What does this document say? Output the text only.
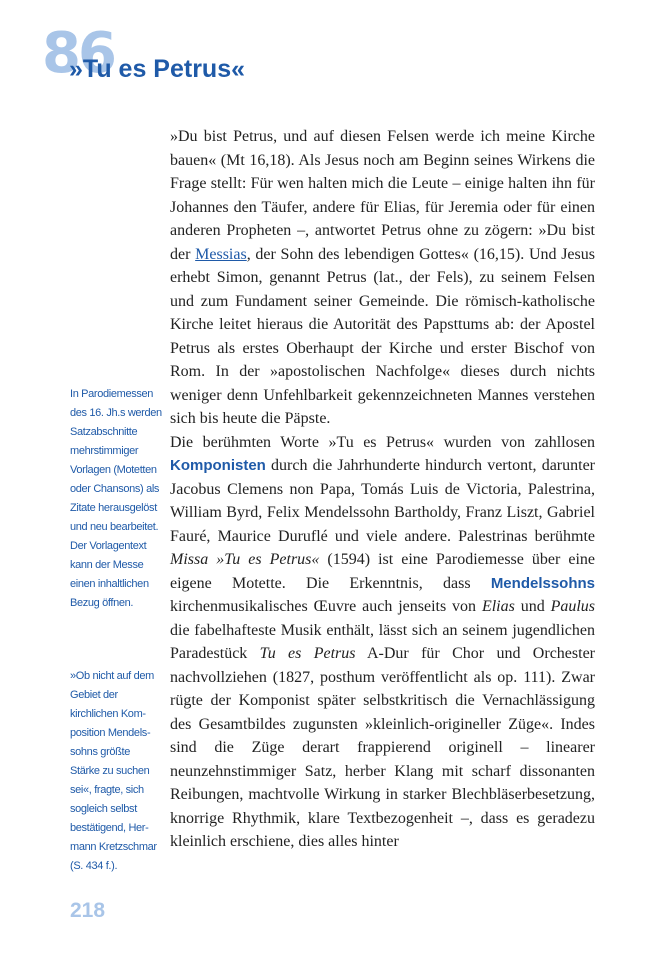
86
»Tu es Petrus«
In Parodiemessen des 16. Jh.s werden Satzabschnitte mehrstimmiger Vorlagen (Motetten oder Chansons) als Zitate herausgelöst und neu bearbeitet. Der Vorlagentext kann der Messe einen inhaltlichen Bezug öffnen.
»Ob nicht auf dem Gebiet der kirchlichen Komposition Mendelssohns größte Stärke zu suchen sei«, fragte, sich sogleich selbst bestätigend, Hermann Kretzschmar (S. 434 f.).

»Du bist Petrus, und auf diesen Felsen werde ich meine Kirche bauen« (Mt 16,18). Als Jesus noch am Beginn seines Wirkens die Frage stellt: Für wen halten mich die Leute – einige halten ihn für Johannes den Täufer, andere für Elias, für Jeremia oder für einen anderen Propheten –, antwortet Petrus ohne zu zögern: »Du bist der Messias, der Sohn des lebendigen Gottes« (16,15). Und Jesus erhebt Simon, genannt Petrus (lat., der Fels), zu seinem Felsen und zum Fundament seiner Gemeinde. Die römisch-katholische Kirche leitet hieraus die Autorität des Papsttums ab: der Apostel Petrus als erstes Oberhaupt der Kirche und erster Bischof von Rom. In der »apostolischen Nachfolge« dieses durch nichts weniger denn Unfehlbarkeit gekennzeichneten Mannes verstehen sich bis heute die Päpste.

Die berühmten Worte »Tu es Petrus« wurden von zahllosen Komponisten durch die Jahrhunderte hindurch vertont, darunter Jacobus Clemens non Papa, Tomás Luis de Victoria, Palestrina, William Byrd, Felix Mendelssohn Bartholdy, Franz Liszt, Gabriel Fauré, Maurice Duruflé und viele andere. Palestrinas berühmte Missa »Tu es Petrus« (1594) ist eine Parodiemesse über eine eigene Motette. Die Erkenntnis, dass Mendelssohns kirchenmusikalisches Œuvre auch jenseits von Elias und Paulus die fabelhafteste Musik enthält, lässt sich an seinem jugendlichen Paradestück Tu es Petrus A-Dur für Chor und Orchester nachvollziehen (1827, posthum veröffentlicht als op. 111). Zwar rügte der Komponist später selbstkritisch die Vernachlässigung des Gesamtbildes zugunsten »kleinlich-origineller Züge«. Indes sind die Züge derart frappierend originell – linearer neunzehnstimmiger Satz, herber Klang mit scharf dissonanten Reibungen, machtvolle Wirkung in starker Blechbläserbesetzung, knorrige Rhythmik, klare Textbezogenheit –, dass es geradezu kleinlich erschiene, dies alles hinter

218
